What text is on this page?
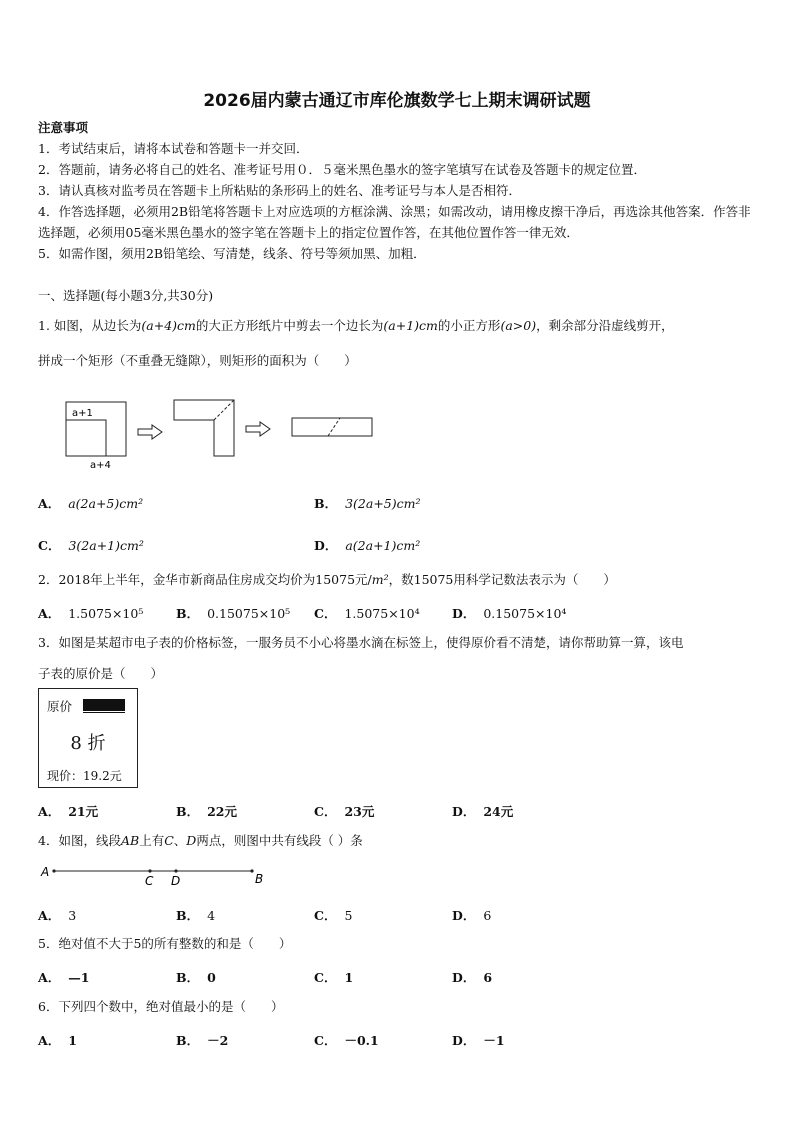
2026届内蒙古通辽市库伦旗数学七上期末调研试题
注意事项
1．考试结束后，请将本试卷和答题卡一并交回．
2．答题前，请务必将自己的姓名、准考证号用０．５毫米黑色墨水的签字笔填写在试卷及答题卡的规定位置．
3．请认真核对监考员在答题卡上所粘贴的条形码上的姓名、准考证号与本人是否相符．
4．作答选择题，必须用2B铅笔将答题卡上对应选项的方框涂满、涂黑；如需改动，请用橡皮擦干净后，再选涂其他答案．作答非选择题，必须用05毫米黑色墨水的签字笔在答题卡上的指定位置作答，在其他位置作答一律无效．
5．如需作图，须用2B铅笔绘、写清楚，线条、符号等须加黑、加粗．
一、选择题(每小题3分,共30分)
1. 如图，从边长为(a+4)cm的大正方形纸片中剪去一个边长为(a+1)cm的小正方形(a>0)，剩余部分沿虚线剪开，
拼成一个矩形（不重叠无缝隙），则矩形的面积为（　　）
a+1
a+4
A． a(2a+5)cm²	B． 3(2a+5)cm²
C． 3(2a+1)cm²	D． a(2a+1)cm²
2．2018年上半年，金华市新商品住房成交均价为15075元/m²，数15075用科学记数法表示为（　　）
A． 1.5075×10⁵	B． 0.15075×10⁵ C． 1.5075×10⁴	D． 0.15075×10⁴
3．如图是某超市电子表的价格标签，一服务员不小心将墨水滴在标签上，使得原价看不清楚，请你帮助算一算，该电
子表的原价是（　　）
原价
8 折
现价：19.2元
A． 21元	B． 22元	C． 23元	D． 24元
4．如图，线段AB上有C、D两点，则图中共有线段（ ）条
A
C D	B
A． 3	B． 4	C． 5	D． 6
5．绝对值不大于5的所有整数的和是（　　）
A． —1	B． 0	C． 1	D． 6
6．下列四个数中，绝对值最小的是（　　）
A． 1	B． －2	C． －0.1	D． －1
